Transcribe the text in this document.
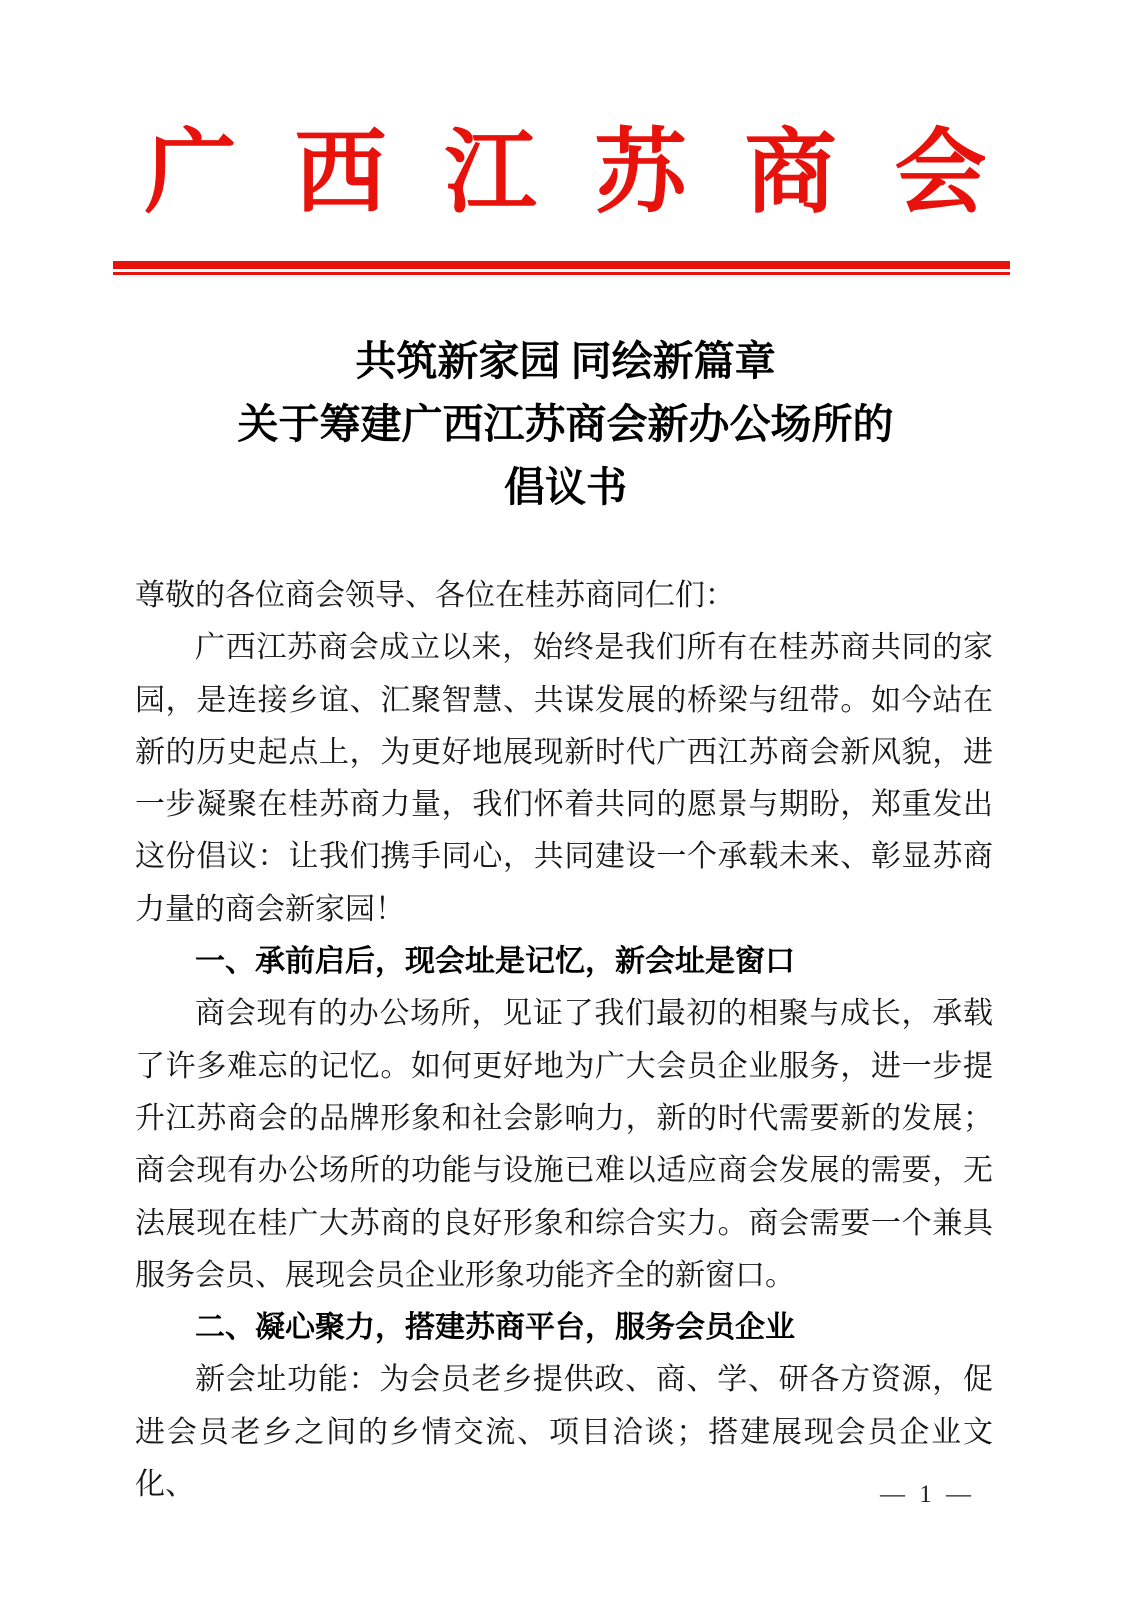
广西江苏商会
共筑新家园 同绘新篇章
关于筹建广西江苏商会新办公场所的
倡议书

尊敬的各位商会领导、各位在桂苏商同仁们：

广西江苏商会成立以来，始终是我们所有在桂苏商共同的家园，是连接乡谊、汇聚智慧、共谋发展的桥梁与纽带。如今站在新的历史起点上，为更好地展现新时代广西江苏商会新风貌，进一步凝聚在桂苏商力量，我们怀着共同的愿景与期盼，郑重发出这份倡议：让我们携手同心，共同建设一个承载未来、彰显苏商力量的商会新家园！

一、承前启后，现会址是记忆，新会址是窗口

商会现有的办公场所，见证了我们最初的相聚与成长，承载了许多难忘的记忆。如何更好地为广大会员企业服务，进一步提升江苏商会的品牌形象和社会影响力，新的时代需要新的发展；商会现有办公场所的功能与设施已难以适应商会发展的需要，无法展现在桂广大苏商的良好形象和综合实力。商会需要一个兼具服务会员、展现会员企业形象功能齐全的新窗口。

二、凝心聚力，搭建苏商平台，服务会员企业

新会址功能：为会员老乡提供政、商、学、研各方资源，促进会员老乡之间的乡情交流、项目洽谈；搭建展现会员企业文化、	— 1 —
